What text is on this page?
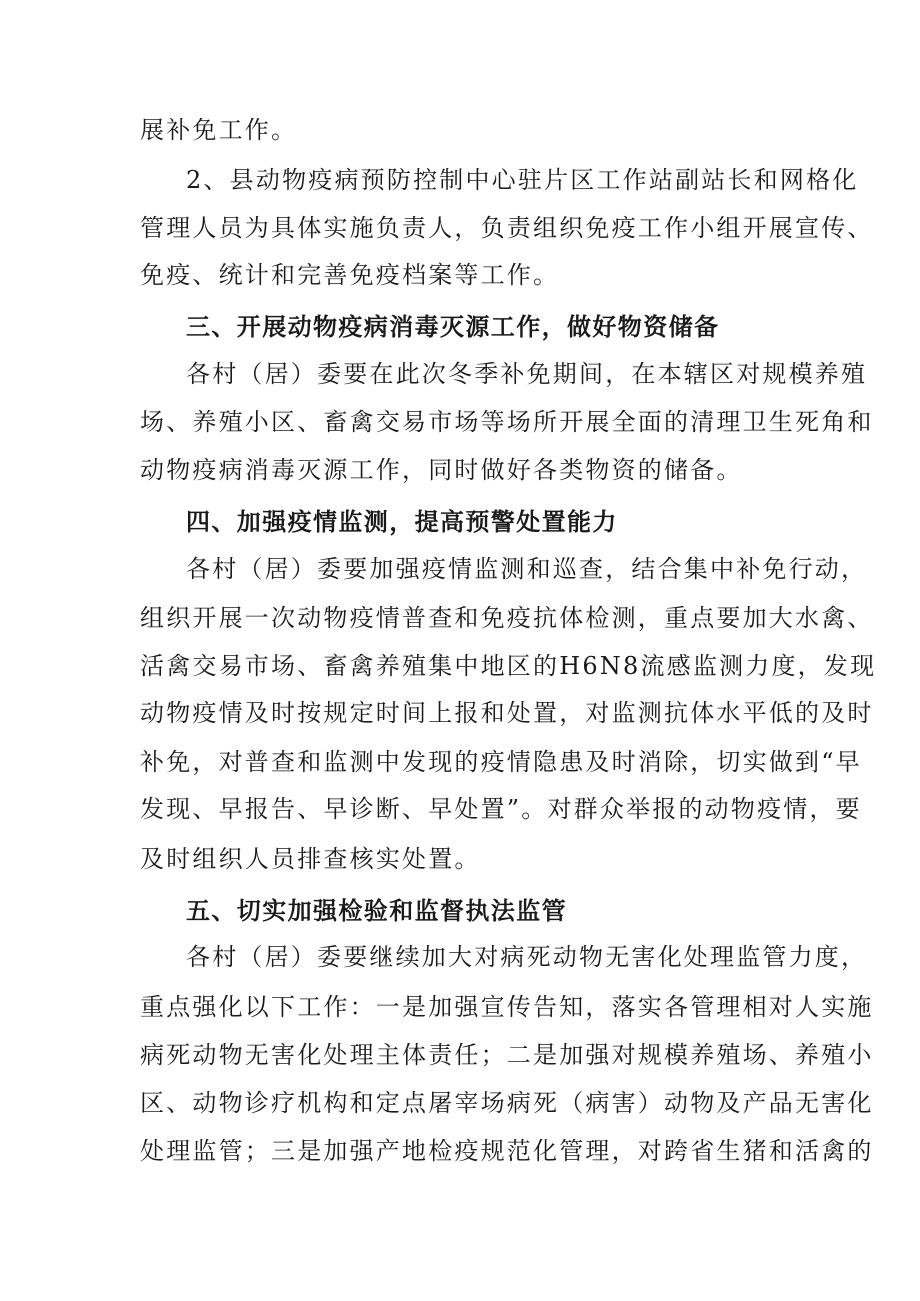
展补免工作。
2、县动物疫病预防控制中心驻片区工作站副站长和网格化
管理人员为具体实施负责人，负责组织免疫工作小组开展宣传、
免疫、统计和完善免疫档案等工作。
三、开展动物疫病消毒灭源工作，做好物资储备
各村（居）委要在此次冬季补免期间，在本辖区对规模养殖
场、养殖小区、畜禽交易市场等场所开展全面的清理卫生死角和
动物疫病消毒灭源工作，同时做好各类物资的储备。
四、加强疫情监测，提高预警处置能力
各村（居）委要加强疫情监测和巡查，结合集中补免行动，
组织开展一次动物疫情普查和免疫抗体检测，重点要加大水禽、
活禽交易市场、畜禽养殖集中地区的H6N8流感监测力度，发现
动物疫情及时按规定时间上报和处置，对监测抗体水平低的及时
补免，对普查和监测中发现的疫情隐患及时消除，切实做到“早
发现、早报告、早诊断、早处置”。对群众举报的动物疫情，要
及时组织人员排查核实处置。
五、切实加强检验和监督执法监管
各村（居）委要继续加大对病死动物无害化处理监管力度，
重点强化以下工作：一是加强宣传告知，落实各管理相对人实施
病死动物无害化处理主体责任；二是加强对规模养殖场、养殖小
区、动物诊疗机构和定点屠宰场病死（病害）动物及产品无害化
处理监管；三是加强产地检疫规范化管理，对跨省生猪和活禽的
